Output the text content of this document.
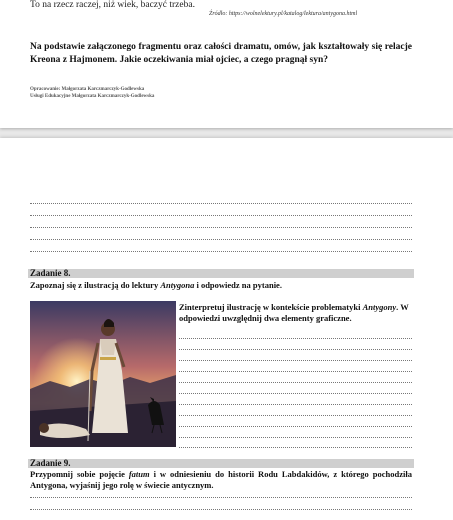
To na rzecz raczej, niż wiek, baczyć trzeba.
Źródło: https://wolnelektury.pl/katalog/lektura/antygona.html
Na podstawie załączonego fragmentu oraz całości dramatu, omów, jak kształtowały się relacje Kreona z Hajmonem. Jakie oczekiwania miał ojciec, a czego pragnął syn?
Opracowanie: Małgorzata Karczmarczyk-Godlewska
Usługi Edukacyjne Małgorzata Karczmarczyk-Godlewska
Zadanie 8.
Zapoznaj się z ilustracją do lektury Antygona i odpowiedz na pytanie.
Zinterpretuj ilustrację w kontekście problematyki Antygony. W odpowiedzi uwzględnij dwa elementy graficzne.
Zadanie 9.
Przypomnij sobie pojęcie fatum i w odniesieniu do historii Rodu Labdakidów, z którego pochodziła Antygona, wyjaśnij jego rolę w świecie antycznym.
